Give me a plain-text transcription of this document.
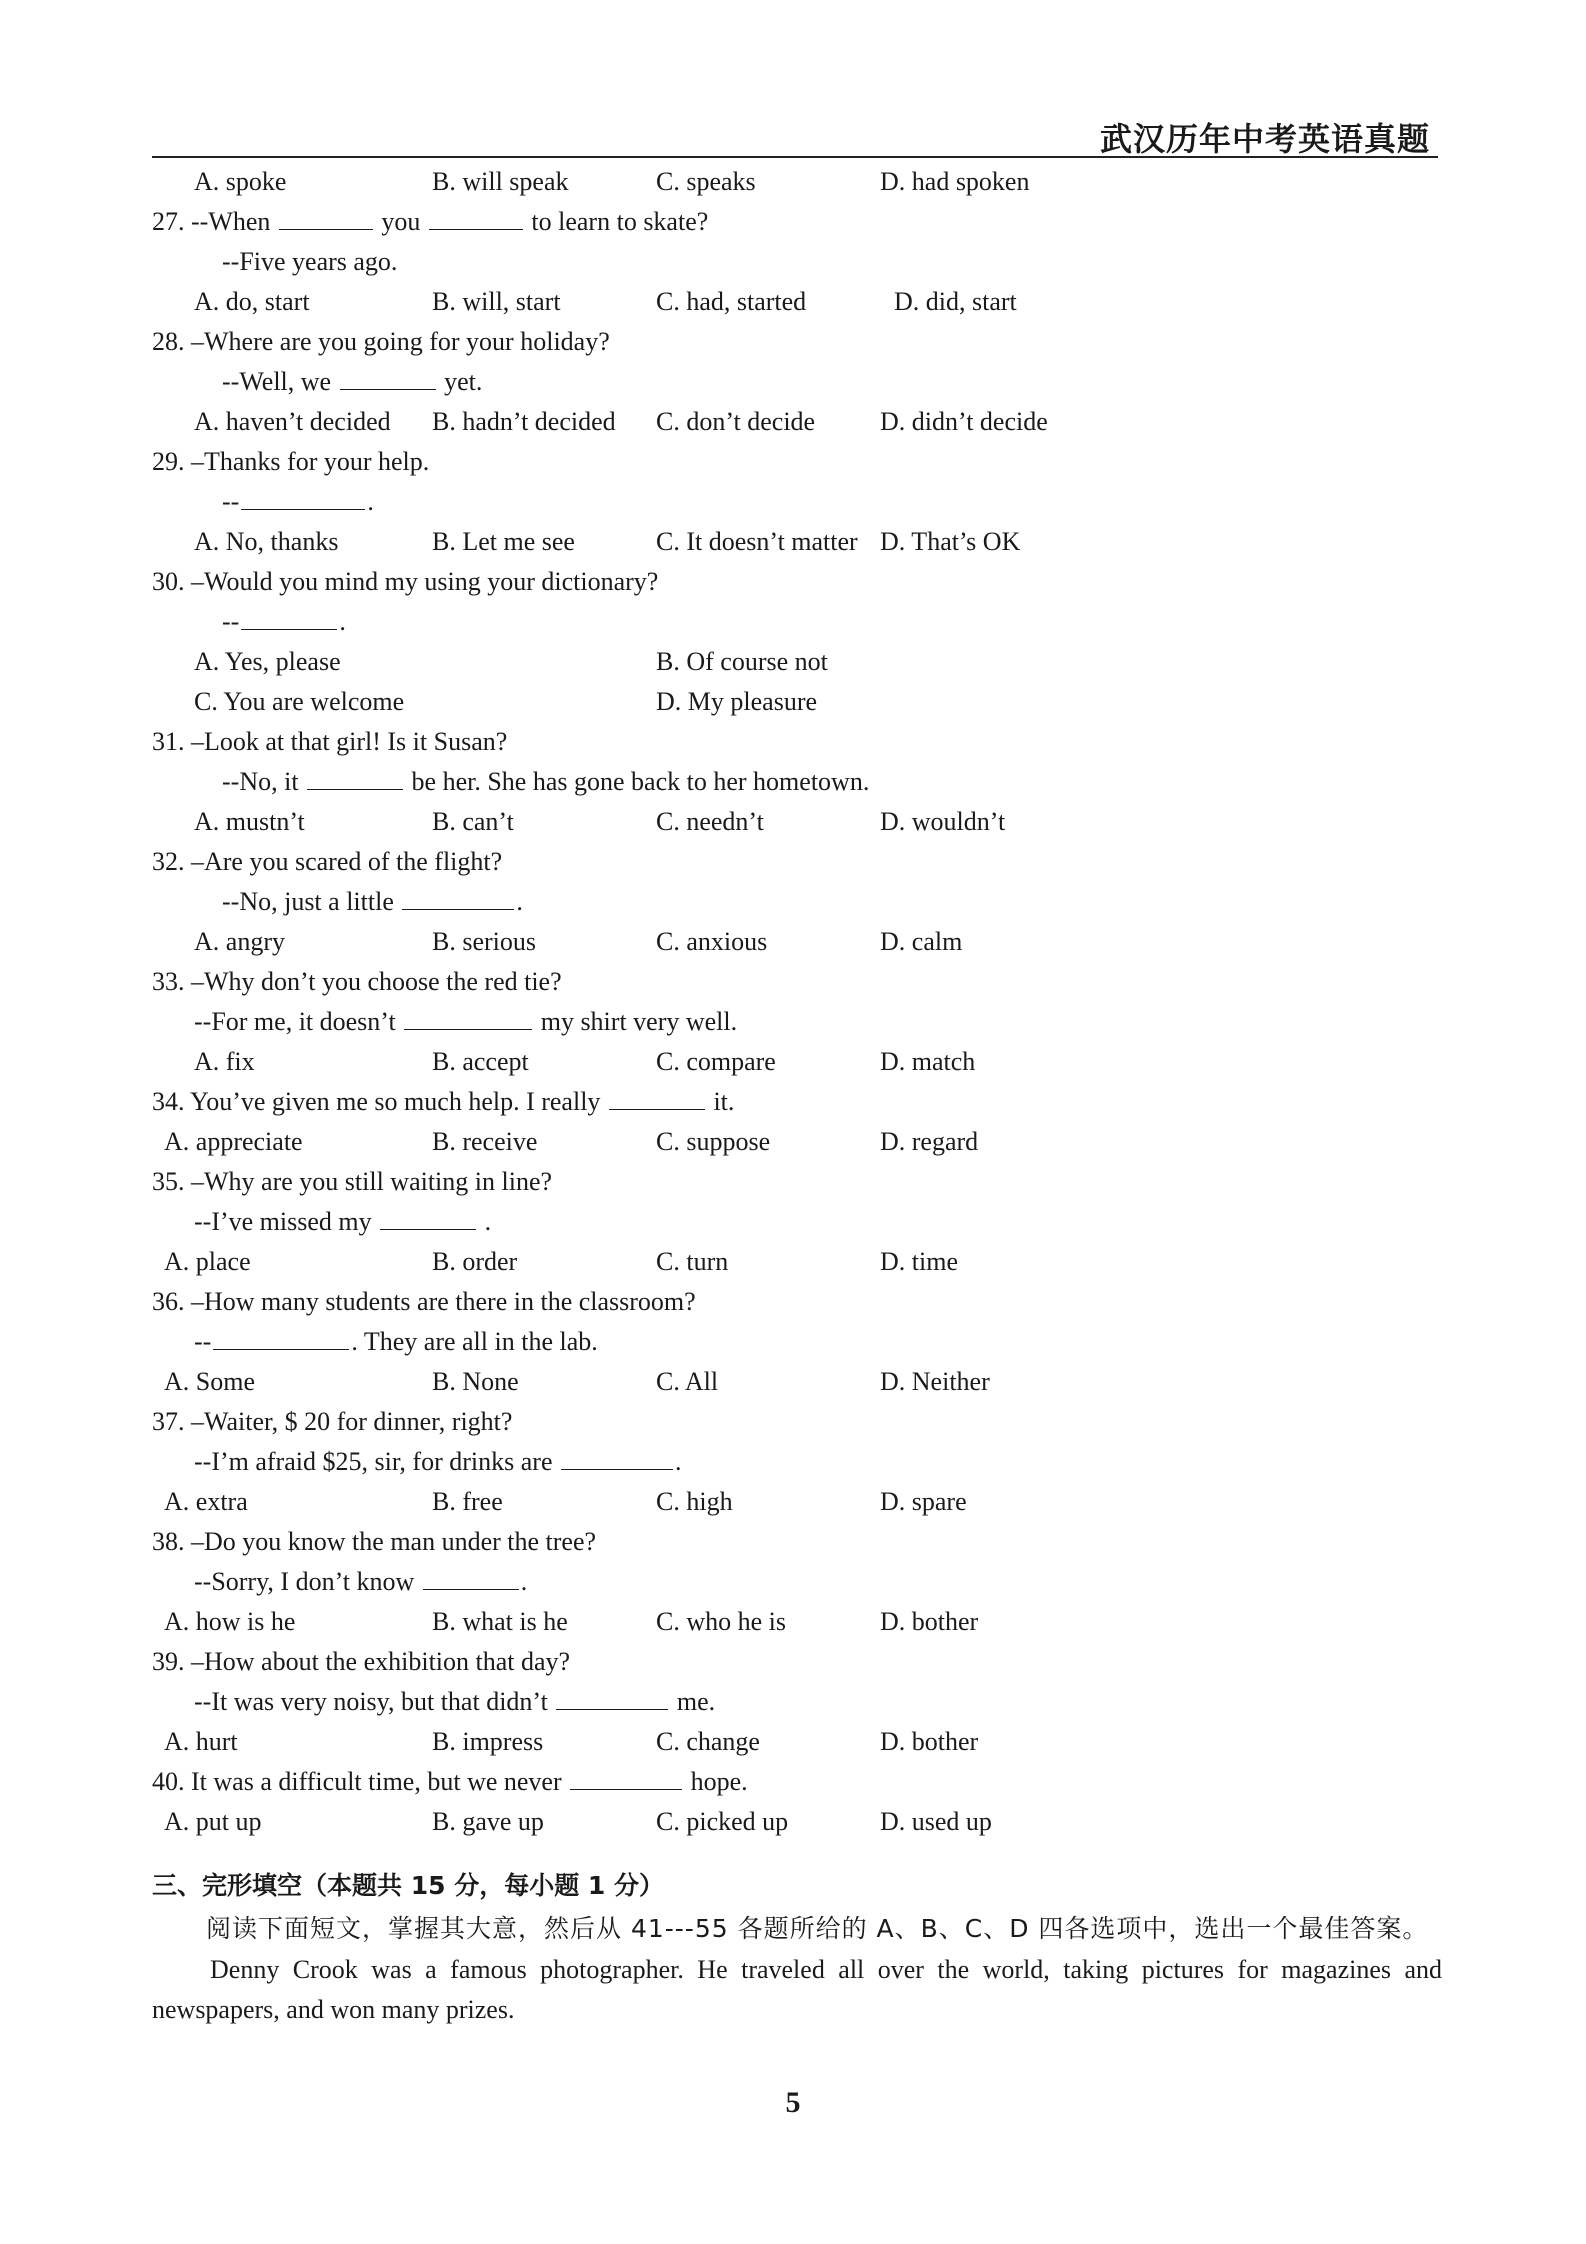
武汉历年中考英语真题
A. spoke	B. will speak	C. speaks	D. had spoken
27. --When	you	to learn to skate?
--Five years ago.
A. do, start	B. will, start	C. had, started	D. did, start
28. –Where are you going for your holiday?
--Well, we	yet.
A. haven’t decided B. hadn’t decided C. don’t decide D. didn’t decide
29. –Thanks for your help.
--	.
A. No, thanks	B. Let me see	C. It doesn’t matter D. That’s OK
30. –Would you mind my using your dictionary?
--	.
A. Yes, please	B. Of course not
C. You are welcome	D. My pleasure
31. –Look at that girl! Is it Susan?
--No, it	be her. She has gone back to her hometown.
A. mustn’t	B. can’t	C. needn’t	D. wouldn’t
32. –Are you scared of the flight?
--No, just a little	.
A. angry	B. serious	C. anxious	D. calm
33. –Why don’t you choose the red tie?
--For me, it doesn’t	my shirt very well.
A. fix	B. accept	C. compare	D. match
34. You’ve given me so much help. I really	it.
A. appreciate	B. receive	C. suppose	D. regard
35. –Why are you still waiting in line?
--I’ve missed my	.
A. place	B. order	C. turn	D. time
36. –How many students are there in the classroom?
--	. They are all in the lab.
A. Some	B. None	C. All	D. Neither
37. –Waiter, $ 20 for dinner, right?
--I’m afraid $25, sir, for drinks are	.
A. extra	B. free	C. high	D. spare
38. –Do you know the man under the tree?
--Sorry, I don’t know	.
A. how is he	B. what is he	C. who he is	D. bother
39. –How about the exhibition that day?
--It was very noisy, but that didn’t	me.
A. hurt	B. impress	C. change	D. bother
40. It was a difficult time, but we never	hope.
A. put up	B. gave up	C. picked up	D. used up
三、完形填空（本题共 15 分，每小题 1 分）
阅读下面短文，掌握其大意，然后从 41---55 各题所给的 A、B、C、D 四各选项中，选出一个最佳答案。
Denny Crook was a famous photographer. He traveled all over the world, taking pictures for magazines and newspapers, and won many prizes.
5
